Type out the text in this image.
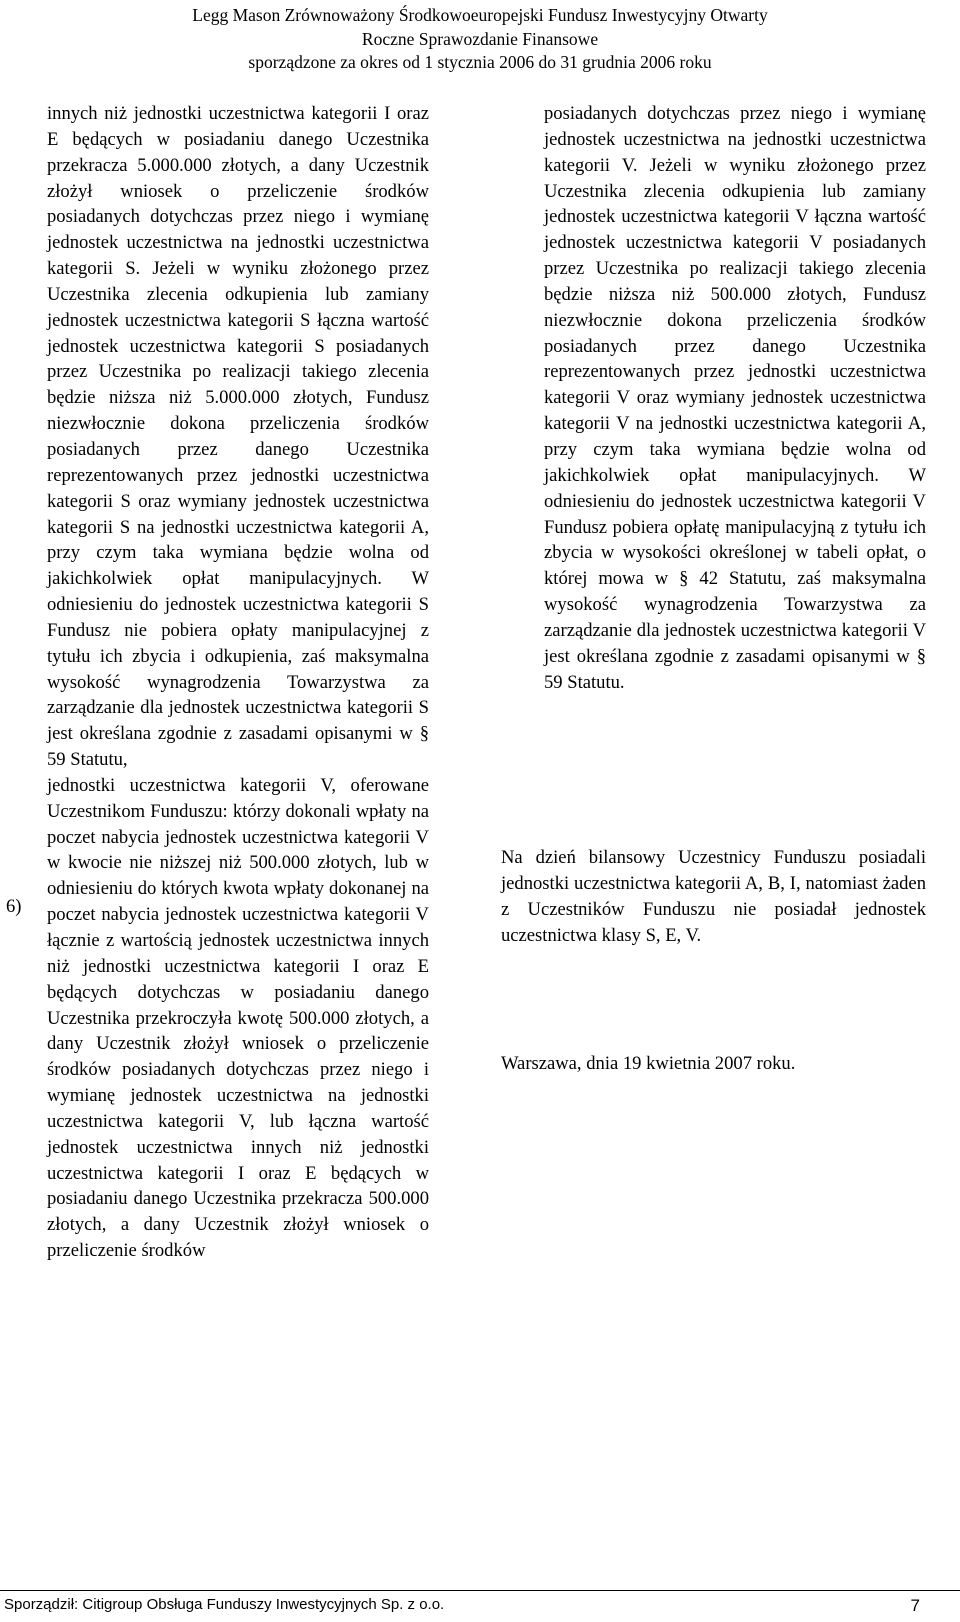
Legg Mason Zrównoważony Środkowoeuropejski Fundusz Inwestycyjny Otwarty
Roczne Sprawozdanie Finansowe
sporządzone za okres od 1 stycznia 2006 do 31 grudnia 2006 roku

innych niż jednostki uczestnictwa kategorii I oraz E będących w posiadaniu danego Uczestnika przekracza 5.000.000 złotych, a dany Uczestnik złożył wniosek o przeliczenie środków posiadanych dotychczas przez niego i wymianę jednostek uczestnictwa na jednostki uczestnictwa kategorii S. Jeżeli w wyniku złożonego przez Uczestnika zlecenia odkupienia lub zamiany jednostek uczestnictwa kategorii S łączna wartość jednostek uczestnictwa kategorii S posiadanych przez Uczestnika po realizacji takiego zlecenia będzie niższa niż 5.000.000 złotych, Fundusz niezwłocznie dokona przeliczenia środków posiadanych przez danego Uczestnika reprezentowanych przez jednostki uczestnictwa kategorii S oraz wymiany jednostek uczestnictwa kategorii S na jednostki uczestnictwa kategorii A, przy czym taka wymiana będzie wolna od jakichkolwiek opłat manipulacyjnych. W odniesieniu do jednostek uczestnictwa kategorii S Fundusz nie pobiera opłaty manipulacyjnej z tytułu ich zbycia i odkupienia, zaś maksymalna wysokość wynagrodzenia Towarzystwa za zarządzanie dla jednostek uczestnictwa kategorii S jest określana zgodnie z zasadami opisanymi w § 59 Statutu,

jednostki uczestnictwa kategorii V, oferowane Uczestnikom Funduszu: którzy dokonali wpłaty na poczet nabycia jednostek uczestnictwa kategorii V w kwocie nie niższej niż 500.000 złotych, lub w odniesieniu do których kwota wpłaty dokonanej na poczet nabycia jednostek uczestnictwa kategorii V łącznie z wartością jednostek uczestnictwa innych niż jednostki uczestnictwa kategorii I oraz E będących dotychczas w posiadaniu danego Uczestnika przekroczyła kwotę 500.000 złotych, a dany Uczestnik złożył wniosek o przeliczenie środków posiadanych dotychczas przez niego i wymianę jednostek uczestnictwa na jednostki uczestnictwa kategorii V, lub łączna wartość jednostek uczestnictwa innych niż jednostki uczestnictwa kategorii I oraz E będących w posiadaniu danego Uczestnika przekracza 500.000 złotych, a dany Uczestnik złożył wniosek o przeliczenie środków

6)

posiadanych dotychczas przez niego i wymianę jednostek uczestnictwa na jednostki uczestnictwa kategorii V. Jeżeli w wyniku złożonego przez Uczestnika zlecenia odkupienia lub zamiany jednostek uczestnictwa kategorii V łączna wartość jednostek uczestnictwa kategorii V posiadanych przez Uczestnika po realizacji takiego zlecenia będzie niższa niż 500.000 złotych, Fundusz niezwłocznie dokona przeliczenia środków posiadanych przez danego Uczestnika reprezentowanych przez jednostki uczestnictwa kategorii V oraz wymiany jednostek uczestnictwa kategorii V na jednostki uczestnictwa kategorii A, przy czym taka wymiana będzie wolna od jakichkolwiek opłat manipulacyjnych. W odniesieniu do jednostek uczestnictwa kategorii V Fundusz pobiera opłatę manipulacyjną z tytułu ich zbycia w wysokości określonej w tabeli opłat, o której mowa w § 42 Statutu, zaś maksymalna wysokość wynagrodzenia Towarzystwa za zarządzanie dla jednostek uczestnictwa kategorii V jest określana zgodnie z zasadami opisanymi w § 59 Statutu.

Na dzień bilansowy Uczestnicy Funduszu posiadali jednostki uczestnictwa kategorii A, B, I, natomiast żaden z Uczestników Funduszu nie posiadał jednostek uczestnictwa klasy S, E, V.

Warszawa, dnia 19 kwietnia 2007 roku.

Sporządził: Citigroup Obsługa Funduszy Inwestycyjnych Sp. z o.o.	7
